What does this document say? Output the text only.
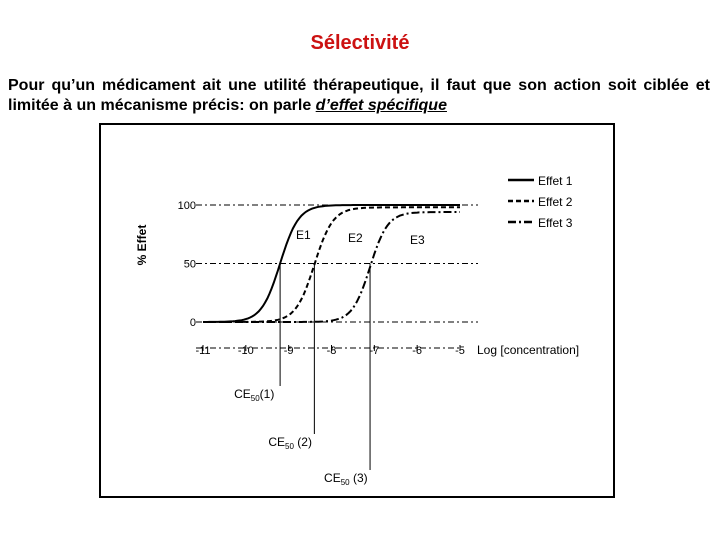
Sélectivité
Pour qu’un médicament ait une utilité thérapeutique, il faut que son action soit ciblée et limitée à un mécanisme précis: on parle d’effet spécifique
0
50
100
-11 -10	-9	-8	-7	-6	-5 Log [concentration]
% Effet
$CE_{50}(1)$
$CE_{50}$ (2)
$CE_{50}$ (3)
E1	E2	E3
Effet 1
Effet 2
Effet 3
